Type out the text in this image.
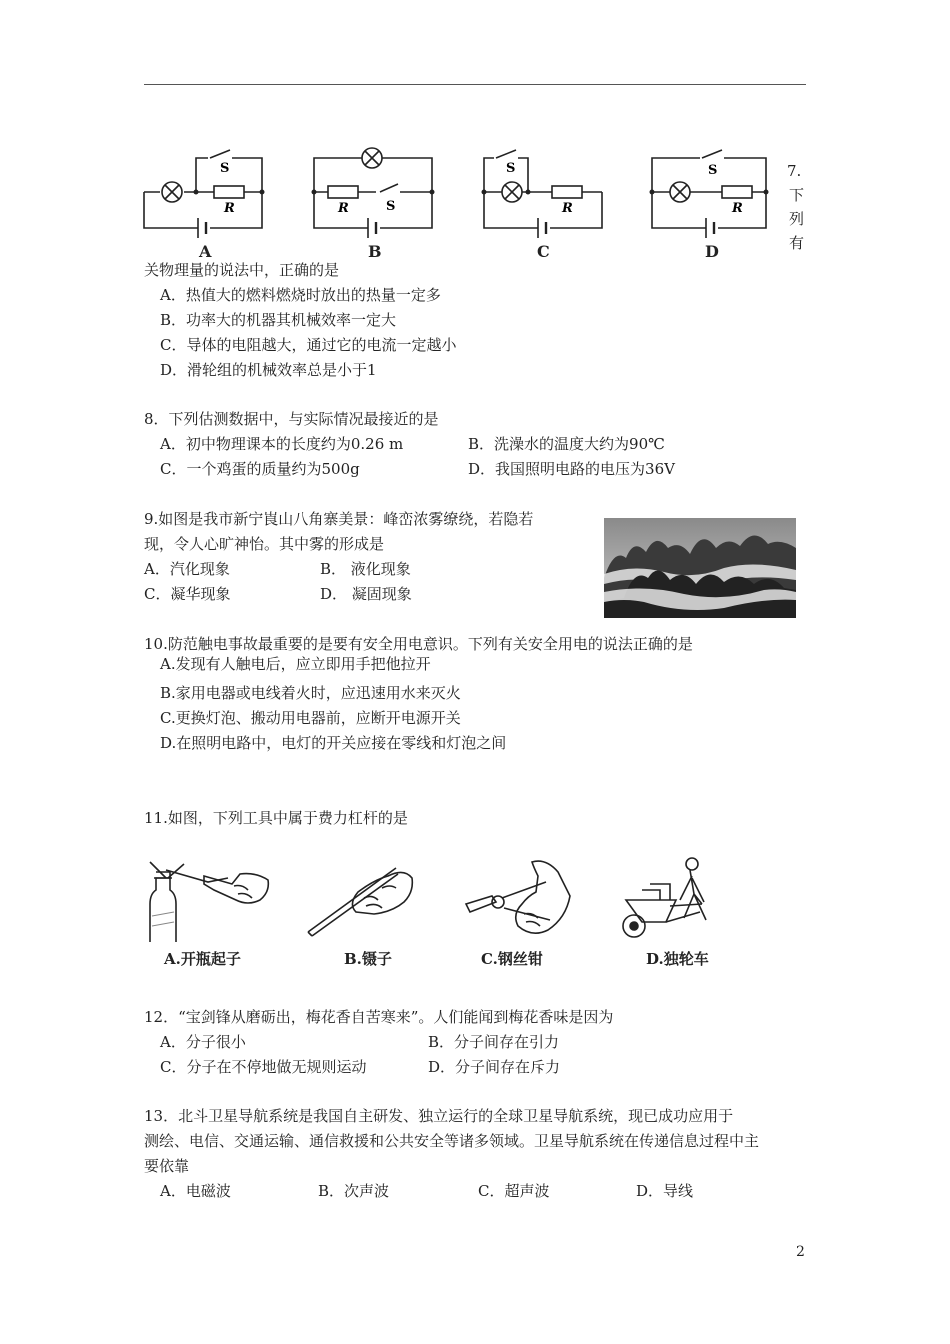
S
R
A
R	S
B
S
R
C
S
R
D
7.
下
列
有
关物理量的说法中，正确的是
A．热值大的燃料燃烧时放出的热量一定多
B．功率大的机器其机械效率一定大
C．导体的电阻越大，通过它的电流一定越小
D．滑轮组的机械效率总是小于1
8．下列估测数据中，与实际情况最接近的是
A．初中物理课本的长度约为0.26 m	B．洗澡水的温度大约为90℃
C．一个鸡蛋的质量约为500g	D．我国照明电路的电压为36V
9.如图是我市新宁崀山八角寨美景：峰峦浓雾缭绕，若隐若
现，令人心旷神怡。其中雾的形成是
A．汽化现象	B． 液化现象
C．凝华现象	D． 凝固现象
10.防范触电事故最重要的是要有安全用电意识。下列有关安全用电的说法正确的是
A.发现有人触电后，应立即用手把他拉开
B.家用电器或电线着火时，应迅速用水来灭火
C.更换灯泡、搬动用电器前，应断开电源开关
D.在照明电路中，电灯的开关应接在零线和灯泡之间
11.如图，下列工具中属于费力杠杆的是
A.开瓶起子	B.镊子	C.钢丝钳	D.独轮车
12．“宝剑锋从磨砺出，梅花香自苦寒来”。人们能闻到梅花香味是因为
A．分子很小	B．分子间存在引力
C．分子在不停地做无规则运动	D．分子间存在斥力
13．北斗卫星导航系统是我国自主研发、独立运行的全球卫星导航系统，现已成功应用于
测绘、电信、交通运输、通信救援和公共安全等诸多领域。卫星导航系统在传递信息过程中主
要依靠
A．电磁波	B．次声波	C．超声波	D．导线
2
